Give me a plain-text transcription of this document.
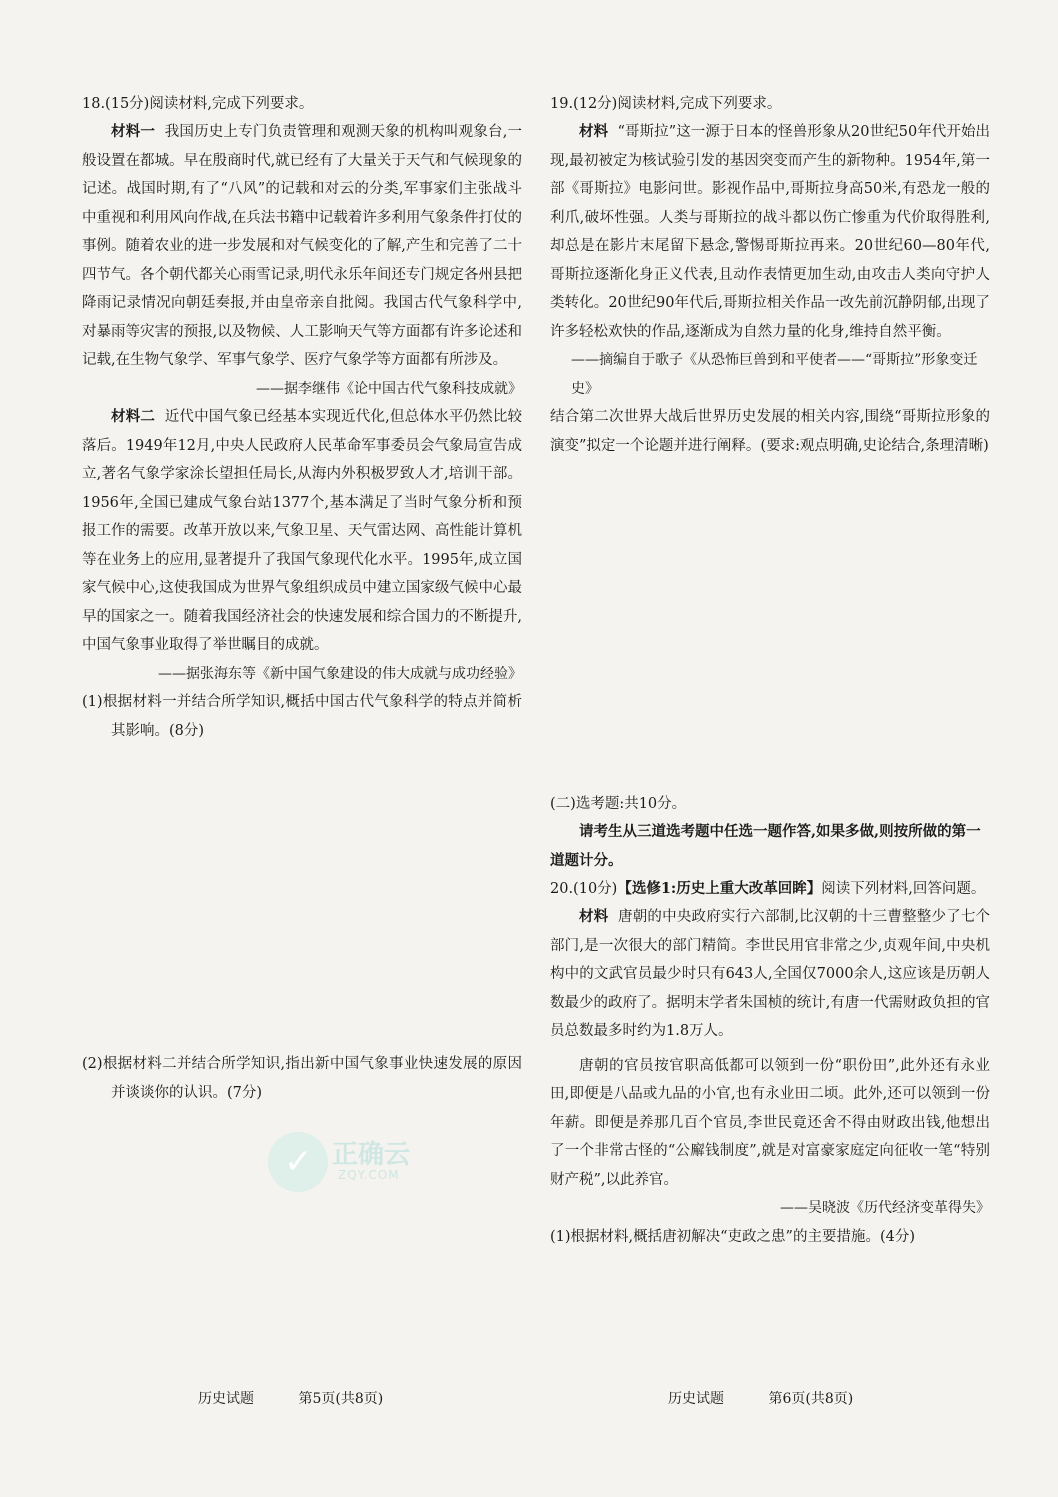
18.(15分)阅读材料,完成下列要求。

材料一 我国历史上专门负责管理和观测天象的机构叫观象台,一般设置在都城。早在殷商时代,就已经有了大量关于天气和气候现象的记述。战国时期,有了“八风”的记载和对云的分类,军事家们主张战斗中重视和利用风向作战,在兵法书籍中记载着许多利用气象条件打仗的事例。随着农业的进一步发展和对气候变化的了解,产生和完善了二十四节气。各个朝代都关心雨雪记录,明代永乐年间还专门规定各州县把降雨记录情况向朝廷奏报,并由皇帝亲自批阅。我国古代气象科学中,对暴雨等灾害的预报,以及物候、人工影响天气等方面都有许多论述和记载,在生物气象学、军事气象学、医疗气象学等方面都有所涉及。

——据李继伟《论中国古代气象科技成就》

材料二 近代中国气象已经基本实现近代化,但总体水平仍然比较落后。1949年12月,中央人民政府人民革命军事委员会气象局宣告成立,著名气象学家涂长望担任局长,从海内外积极罗致人才,培训干部。1956年,全国已建成气象台站1377个,基本满足了当时气象分析和预报工作的需要。改革开放以来,气象卫星、天气雷达网、高性能计算机等在业务上的应用,显著提升了我国气象现代化水平。1995年,成立国家气候中心,这使我国成为世界气象组织成员中建立国家级气候中心最早的国家之一。随着我国经济社会的快速发展和综合国力的不断提升,中国气象事业取得了举世瞩目的成就。

——据张海东等《新中国气象建设的伟大成就与成功经验》

(1)根据材料一并结合所学知识,概括中国古代气象科学的特点并简析其影响。(8分)

(2)根据材料二并结合所学知识,指出新中国气象事业快速发展的原因并谈谈你的认识。(7分)

19.(12分)阅读材料,完成下列要求。

材料 “哥斯拉”这一源于日本的怪兽形象从20世纪50年代开始出现,最初被定为核试验引发的基因突变而产生的新物种。1954年,第一部《哥斯拉》电影问世。影视作品中,哥斯拉身高50米,有恐龙一般的利爪,破坏性强。人类与哥斯拉的战斗都以伤亡惨重为代价取得胜利,却总是在影片末尾留下悬念,警惕哥斯拉再来。20世纪60—80年代,哥斯拉逐渐化身正义代表,且动作表情更加生动,由攻击人类向守护人类转化。20世纪90年代后,哥斯拉相关作品一改先前沉静阴郁,出现了许多轻松欢快的作品,逐渐成为自然力量的化身,维持自然平衡。

——摘编自于歌子《从恐怖巨兽到和平使者——“哥斯拉”形象变迁史》

结合第二次世界大战后世界历史发展的相关内容,围绕“哥斯拉形象的演变”拟定一个论题并进行阐释。(要求:观点明确,史论结合,条理清晰)

(二)选考题:共10分。

请考生从三道选考题中任选一题作答,如果多做,则按所做的第一道题计分。

20.(10分)【选修1:历史上重大改革回眸】阅读下列材料,回答问题。

材料 唐朝的中央政府实行六部制,比汉朝的十三曹整整少了七个部门,是一次很大的部门精简。李世民用官非常之少,贞观年间,中央机构中的文武官员最少时只有643人,全国仅7000余人,这应该是历朝人数最少的政府了。据明末学者朱国桢的统计,有唐一代需财政负担的官员总数最多时约为1.8万人。

唐朝的官员按官职高低都可以领到一份“职份田”,此外还有永业田,即便是八品或九品的小官,也有永业田二顷。此外,还可以领到一份年薪。即便是养那几百个官员,李世民竟还舍不得由财政出钱,他想出了一个非常古怪的“公廨钱制度”,就是对富豪家庭定向征收一笔“特别财产税”,以此养官。

——吴晓波《历代经济变革得失》

(1)根据材料,概括唐初解决“吏政之患”的主要措施。(4分)

✓ 正确云
ZQY.COM
历史试题	第5页(共8页)	历史试题	第6页(共8页)
